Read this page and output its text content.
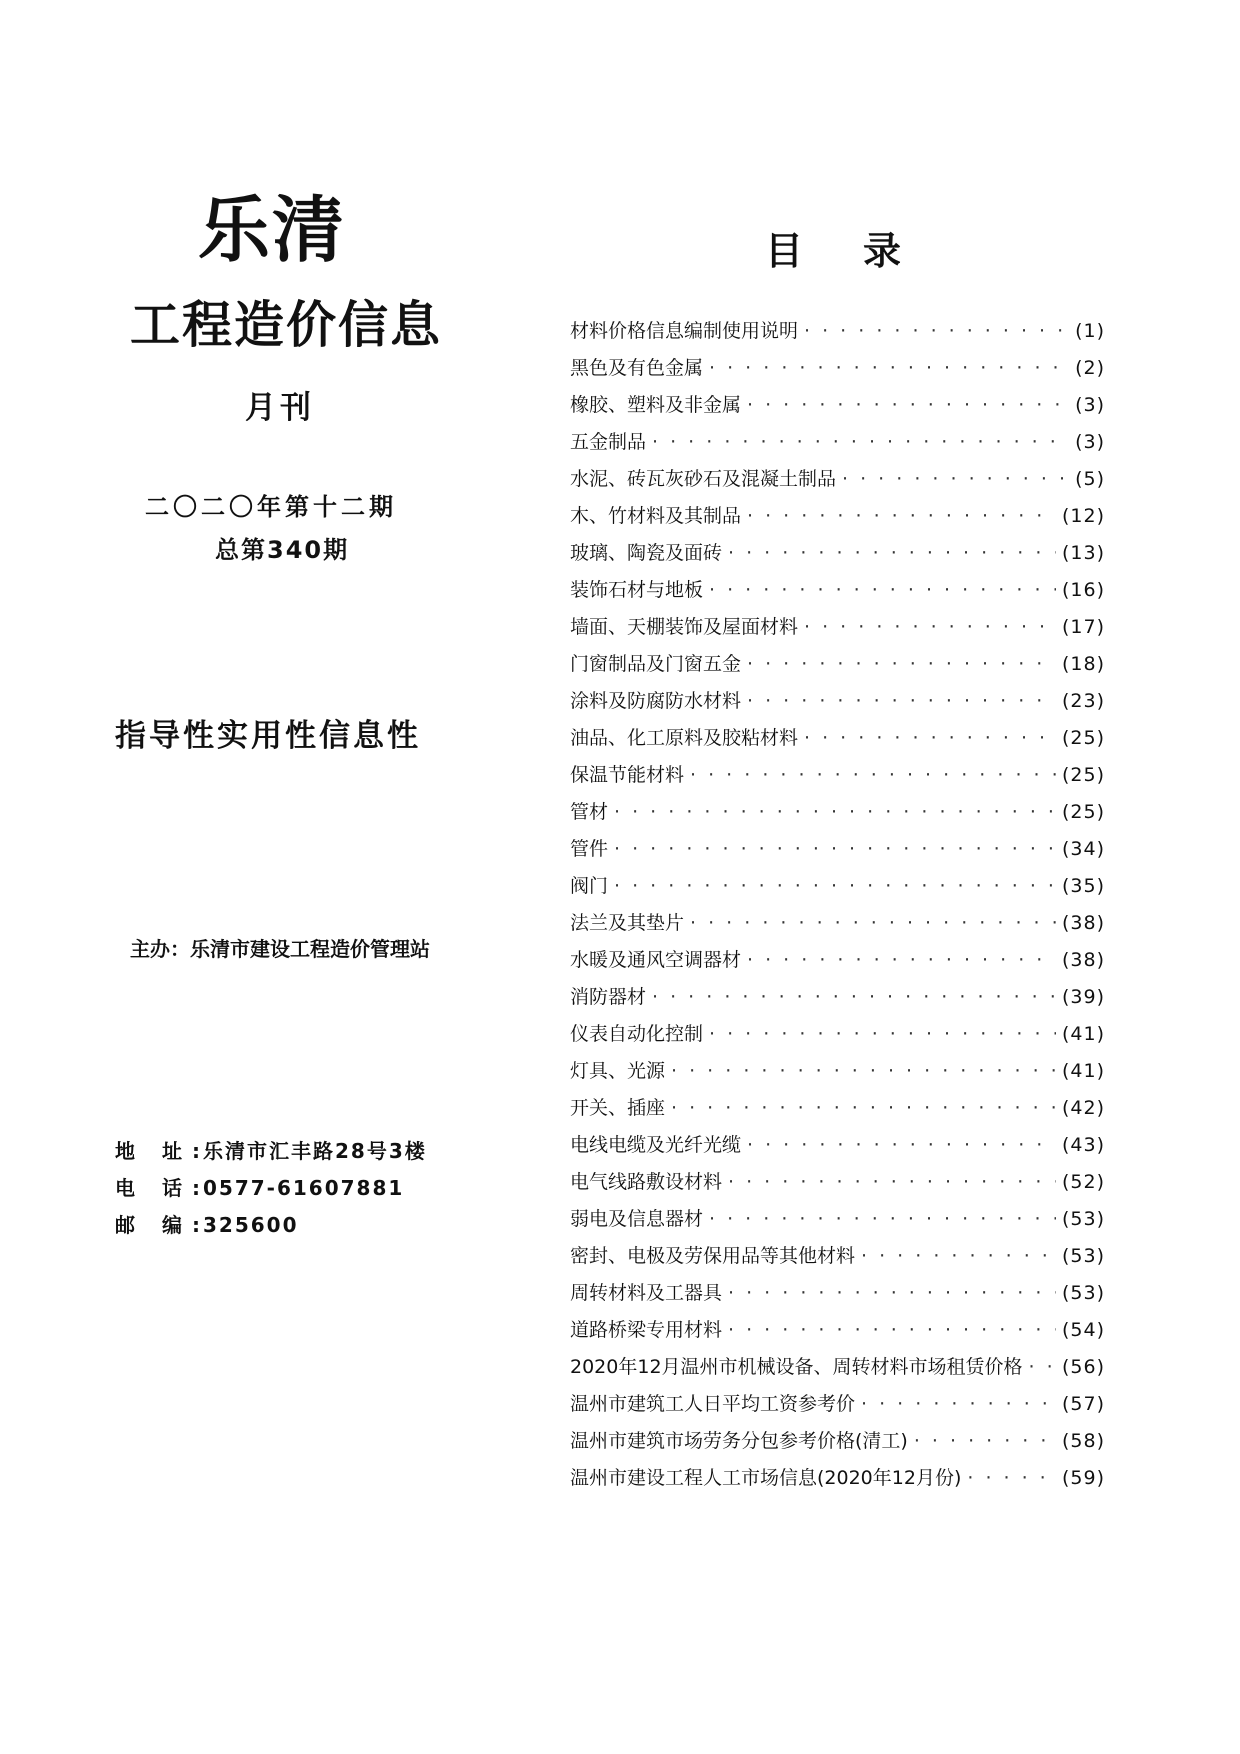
乐清
工程造价信息
月刊
二〇二〇年第十二期
总第340期
指导性实用性信息性
主办：乐清市建设工程造价管理站
地 址:乐清市汇丰路28号3楼
电 话:0577-61607881
邮 编:325600
目录
材料价格信息编制使用说明 · · ·	(1)
黑色及有色金属 · · ·	(2)
橡胶、塑料及非金属 · · ·	(3)
五金制品 · · ·	(3)
水泥、砖瓦灰砂石及混凝土制品 · · ·	(5)
木、竹材料及其制品 · · ·	(12)
玻璃、陶瓷及面砖 · · ·	(13)
装饰石材与地板 · · ·	(16)
墙面、天棚装饰及屋面材料 · · ·	(17)
门窗制品及门窗五金 · · ·	(18)
涂料及防腐防水材料 · · ·	(23)
油品、化工原料及胶粘材料 · · ·	(25)
保温节能材料 · · ·	(25)
管材 · · ·	(25)
管件 · · ·	(34)
阀门 · · ·	(35)
法兰及其垫片 · · ·	(38)
水暖及通风空调器材 · · ·	(38)
消防器材 · · ·	(39)
仪表自动化控制 · · ·	(41)
灯具、光源 · · ·	(41)
开关、插座 · · ·	(42)
电线电缆及光纤光缆 · · ·	(43)
电气线路敷设材料 · · ·	(52)
弱电及信息器材 · · ·	(53)
密封、电极及劳保用品等其他材料 · · ·	(53)
周转材料及工器具 · · ·	(53)
道路桥梁专用材料 · · ·	(54)
2020年12月温州市机械设备、周转材料市场租赁价格 · · · (56)
温州市建筑工人日平均工资参考价 · · ·	(57)
温州市建筑市场劳务分包参考价格(清工) · · ·	(58)
温州市建设工程人工市场信息(2020年12月份) · · ·	(59)
